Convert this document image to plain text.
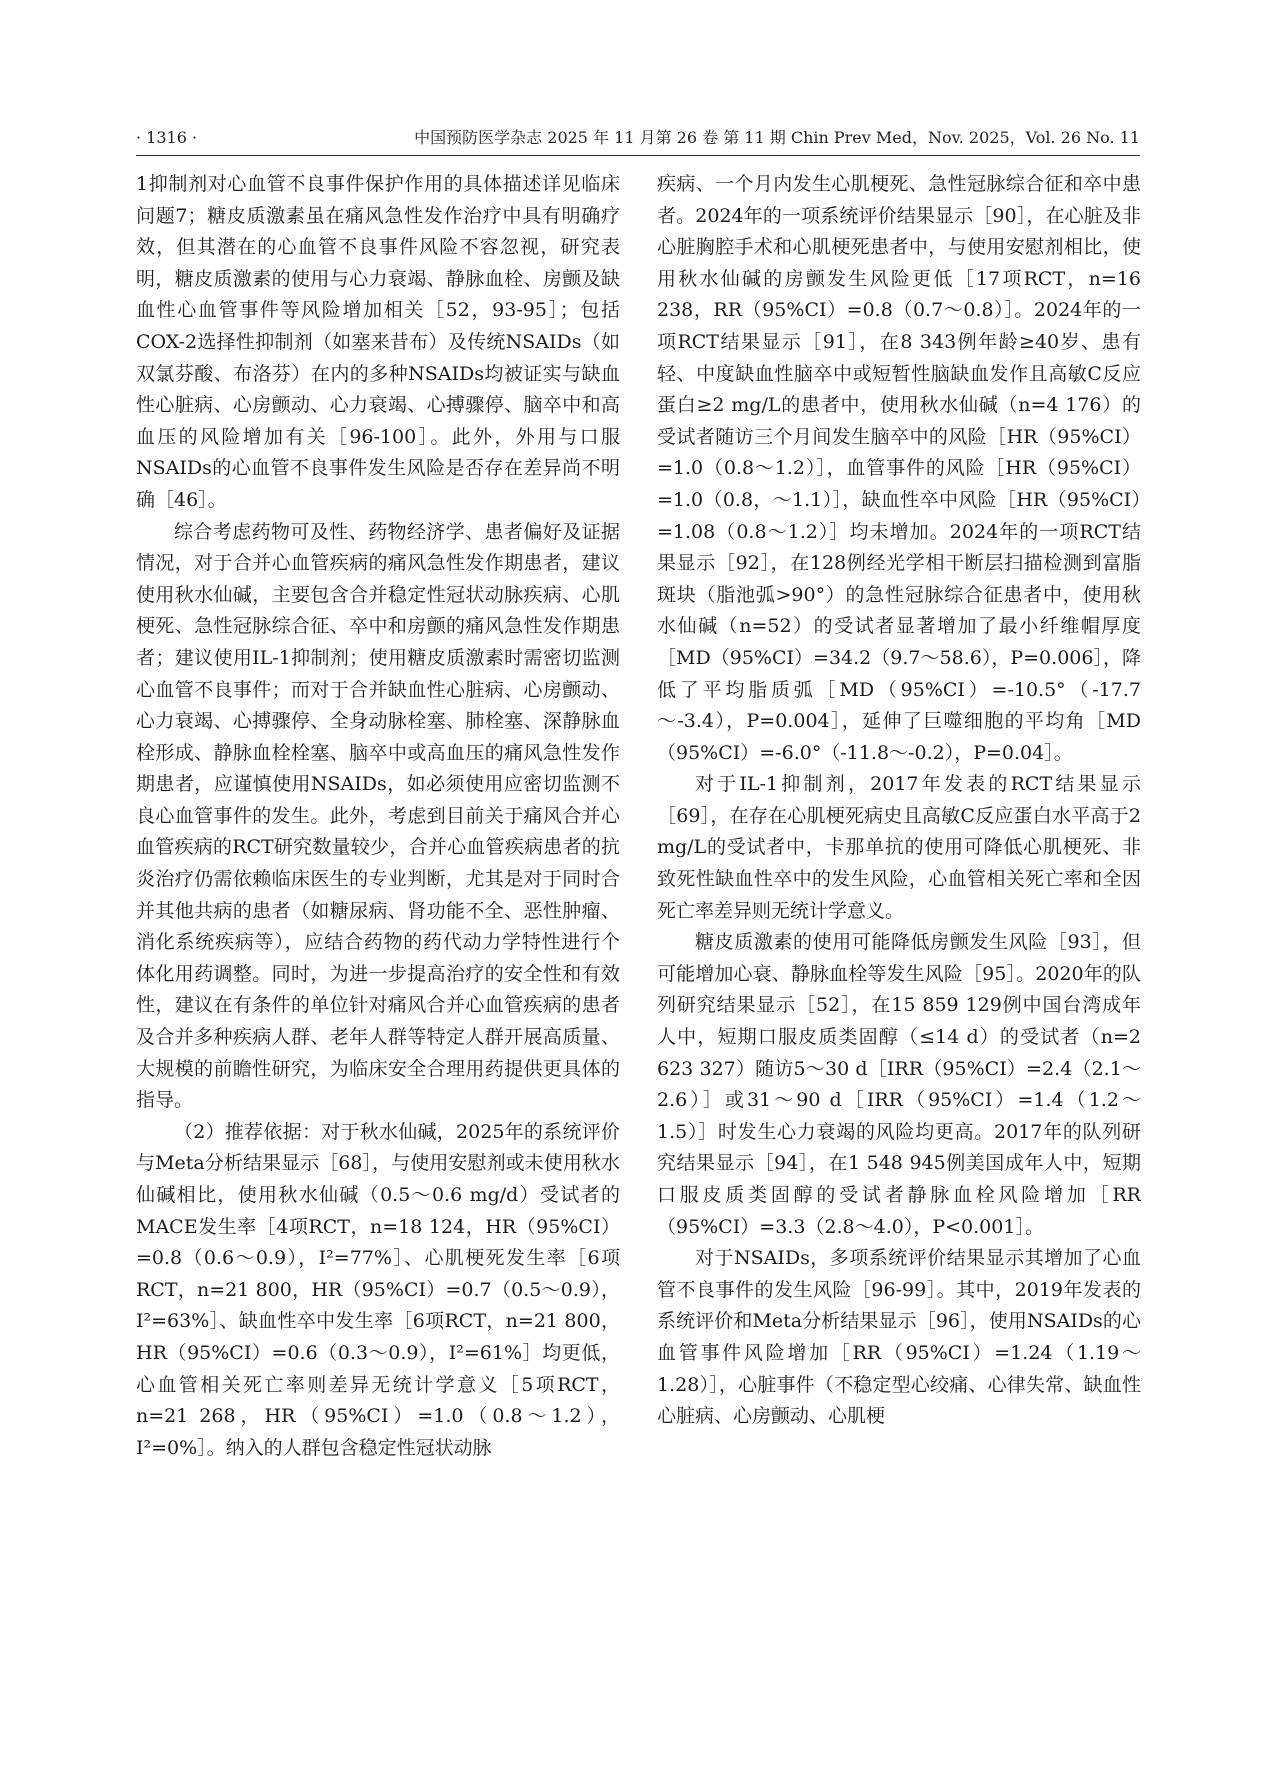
· 1316 ·	中国预防医学杂志 2025 年 11 月第 26 卷 第 11 期 Chin Prev Med，Nov. 2025，Vol. 26 No. 11

1抑制剂对心血管不良事件保护作用的具体描述详见临床问题7；糖皮质激素虽在痛风急性发作治疗中具有明确疗效，但其潜在的心血管不良事件风险不容忽视，研究表明，糖皮质激素的使用与心力衰竭、静脉血栓、房颤及缺血性心血管事件等风险增加相关［52，93-95］；包括COX-2选择性抑制剂（如塞来昔布）及传统NSAIDs（如双氯芬酸、布洛芬）在内的多种NSAIDs均被证实与缺血性心脏病、心房颤动、心力衰竭、心搏骤停、脑卒中和高血压的风险增加有关［96-100］。此外，外用与口服NSAIDs的心血管不良事件发生风险是否存在差异尚不明确［46］。

综合考虑药物可及性、药物经济学、患者偏好及证据情况，对于合并心血管疾病的痛风急性发作期患者，建议使用秋水仙碱，主要包含合并稳定性冠状动脉疾病、心肌梗死、急性冠脉综合征、卒中和房颤的痛风急性发作期患者；建议使用IL-1抑制剂；使用糖皮质激素时需密切监测心血管不良事件；而对于合并缺血性心脏病、心房颤动、心力衰竭、心搏骤停、全身动脉栓塞、肺栓塞、深静脉血栓形成、静脉血栓栓塞、脑卒中或高血压的痛风急性发作期患者，应谨慎使用NSAIDs，如必须使用应密切监测不良心血管事件的发生。此外，考虑到目前关于痛风合并心血管疾病的RCT研究数量较少，合并心血管疾病患者的抗炎治疗仍需依赖临床医生的专业判断，尤其是对于同时合并其他共病的患者（如糖尿病、肾功能不全、恶性肿瘤、消化系统疾病等），应结合药物的药代动力学特性进行个体化用药调整。同时，为进一步提高治疗的安全性和有效性，建议在有条件的单位针对痛风合并心血管疾病的患者及合并多种疾病人群、老年人群等特定人群开展高质量、大规模的前瞻性研究，为临床安全合理用药提供更具体的指导。

（2）推荐依据：对于秋水仙碱，2025年的系统评价与Meta分析结果显示［68］，与使用安慰剂或未使用秋水仙碱相比，使用秋水仙碱（0.5～0.6 mg/d）受试者的MACE发生率［4项RCT，n=18 124，HR（95%CI）=0.8（0.6～0.9），I²=77%］、心肌梗死发生率［6项RCT，n=21 800，HR（95%CI）=0.7（0.5～0.9），I²=63%］、缺血性卒中发生率［6项RCT，n=21 800，HR（95%CI）=0.6（0.3～0.9），I²=61%］均更低，心血管相关死亡率则差异无统计学意义［5项RCT，n=21 268，HR（95%CI）=1.0（0.8～1.2），I²=0%］。纳入的人群包含稳定性冠状动脉

疾病、一个月内发生心肌梗死、急性冠脉综合征和卒中患者。2024年的一项系统评价结果显示［90］，在心脏及非心脏胸腔手术和心肌梗死患者中，与使用安慰剂相比，使用秋水仙碱的房颤发生风险更低［17项RCT，n=16 238，RR（95%CI）=0.8（0.7～0.8）］。2024年的一项RCT结果显示［91］，在8 343例年龄≥40岁、患有轻、中度缺血性脑卒中或短暂性脑缺血发作且高敏C反应蛋白≥2 mg/L的患者中，使用秋水仙碱（n=4 176）的受试者随访三个月间发生脑卒中的风险［HR（95%CI）=1.0（0.8～1.2）］，血管事件的风险［HR（95%CI）=1.0（0.8，～1.1）］，缺血性卒中风险［HR（95%CI）=1.08（0.8～1.2）］均未增加。2024年的一项RCT结果显示［92］，在128例经光学相干断层扫描检测到富脂斑块（脂池弧>90°）的急性冠脉综合征患者中，使用秋水仙碱（n=52）的受试者显著增加了最小纤维帽厚度［MD（95%CI）=34.2（9.7～58.6），P=0.006］，降低了平均脂质弧［MD（95%CI）=-10.5°（-17.7～-3.4），P=0.004］，延伸了巨噬细胞的平均角［MD（95%CI）=-6.0°（-11.8～-0.2），P=0.04］。

对于IL-1抑制剂，2017年发表的RCT结果显示［69］，在存在心肌梗死病史且高敏C反应蛋白水平高于2 mg/L的受试者中，卡那单抗的使用可降低心肌梗死、非致死性缺血性卒中的发生风险，心血管相关死亡率和全因死亡率差异则无统计学意义。

糖皮质激素的使用可能降低房颤发生风险［93］，但可能增加心衰、静脉血栓等发生风险［95］。2020年的队列研究结果显示［52］，在15 859 129例中国台湾成年人中，短期口服皮质类固醇（≤14 d）的受试者（n=2 623 327）随访5～30 d［IRR（95%CI）=2.4（2.1～2.6）］或31～90 d［IRR（95%CI）=1.4（1.2～1.5）］时发生心力衰竭的风险均更高。2017年的队列研究结果显示［94］，在1 548 945例美国成年人中，短期口服皮质类固醇的受试者静脉血栓风险增加［RR（95%CI）=3.3（2.8～4.0），P<0.001］。

对于NSAIDs，多项系统评价结果显示其增加了心血管不良事件的发生风险［96-99］。其中，2019年发表的系统评价和Meta分析结果显示［96］，使用NSAIDs的心血管事件风险增加［RR（95%CI）=1.24（1.19～1.28）］，心脏事件（不稳定型心绞痛、心律失常、缺血性心脏病、心房颤动、心肌梗
